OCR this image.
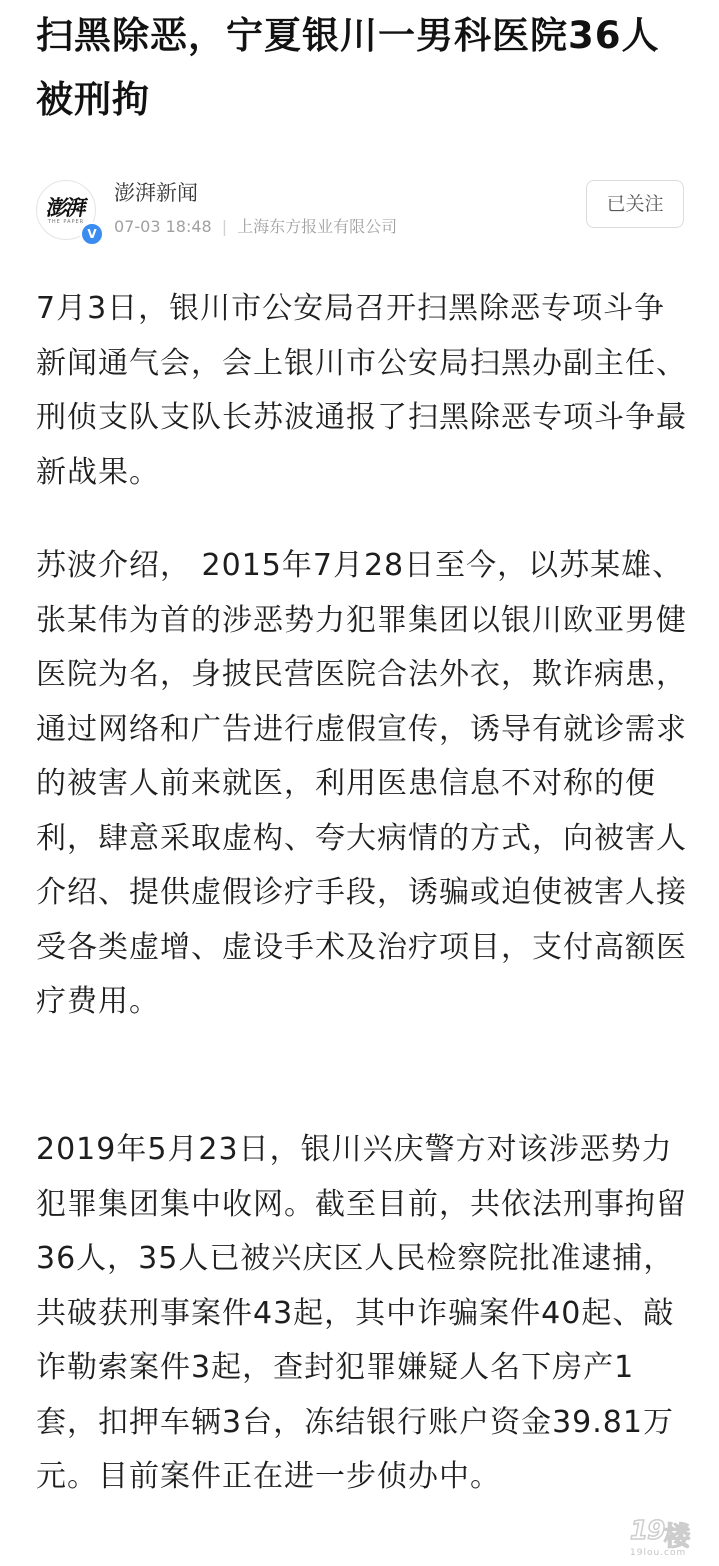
扫黑除恶，宁夏银川一男科医院36人被刑拘
澎湃
THE PAPER
V
澎湃新闻
07-03 18:48 | 上海东方报业有限公司
已关注

7月3日，银川市公安局召开扫黑除恶专项斗争新闻通气会，会上银川市公安局扫黑办副主任、刑侦支队支队长苏波通报了扫黑除恶专项斗争最新战果。

苏波介绍， 2015年7月28日至今，以苏某雄、张某伟为首的涉恶势力犯罪集团以银川欧亚男健医院为名，身披民营医院合法外衣，欺诈病患，通过网络和广告进行虚假宣传，诱导有就诊需求的被害人前来就医，利用医患信息不对称的便利，肆意采取虚构、夸大病情的方式，向被害人介绍、提供虚假诊疗手段，诱骗或迫使被害人接受各类虚增、虚设手术及治疗项目，支付高额医疗费用。

2019年5月23日，银川兴庆警方对该涉恶势力犯罪集团集中收网。截至目前，共依法刑事拘留36人，35人已被兴庆区人民检察院批准逮捕，共破获刑事案件43起，其中诈骗案件40起、敲诈勒索案件3起，查封犯罪嫌疑人名下房产1套，扣押车辆3台，冻结银行账户资金39.81万元。目前案件正在进一步侦办中。

19 楼
19lou.com
